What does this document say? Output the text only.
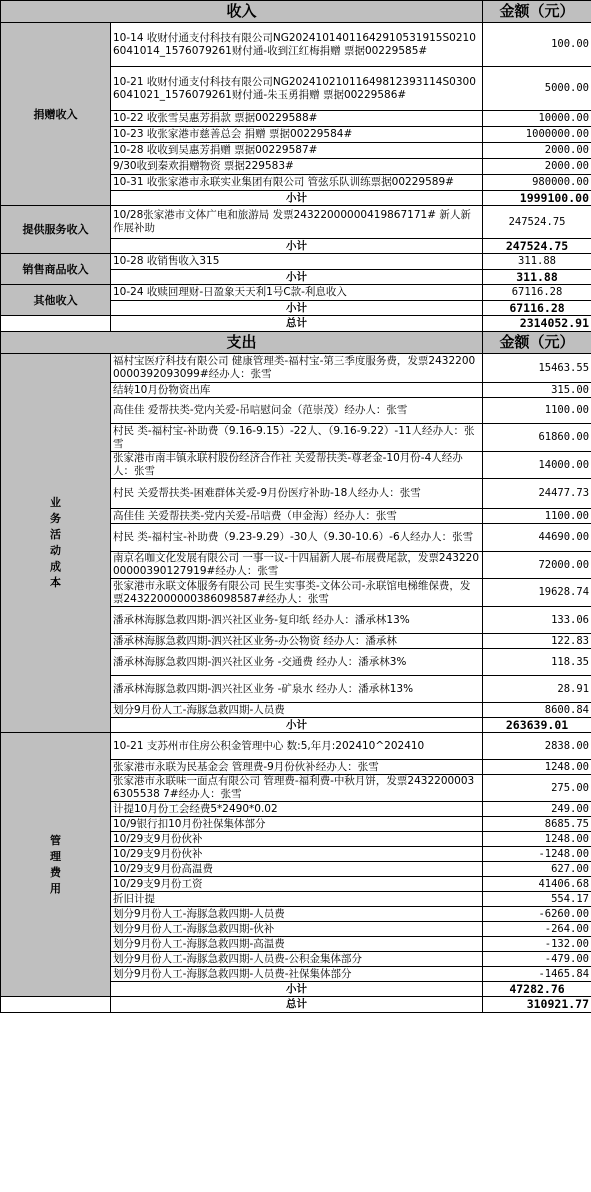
收入		金额（元）
捐赠收入	10-14 收财付通支付科技有限公司NG20241014011642910531915S02106041014_1576079261财付通-收到江红梅捐赠 票据00229585#	100.00
	10-21 收财付通支付科技有限公司NG20241021011649812393114S03006041021_1576079261财付通-朱玉勇捐赠 票据00229586#	5000.00
	10-22 收张雪吴惠芳捐款 票据00229588#	10000.00
	10-23 收张家港市慈善总会 捐赠 票据00229584#	1000000.00
	10-28 收收到吴惠芳捐赠 票据00229587#	2000.00
	9/30收到秦欢捐赠物资 票据229583#	2000.00
	10-31 收张家港市永联实业集团有限公司 管弦乐队训练票据00229589#	980000.00
	小计	1999100.00
提供服务收入	10/28张家港市文体广电和旅游局 发票24322000000419867171# 新人新作展补助	247524.75
	小计	247524.75
销售商品收入	10-28 收销售收入315	311.88
	小计	311.88
其他收入	10-24 收赎回理财-日盈象天天利1号C款-利息收入	67116.28
	小计	67116.28
	总计	2314052.91
支出		金额（元）

业务活动成本	福村宝医疗科技有限公司 健康管理类-福村宝-第三季度服务费，发票24322000000392093099#经办人：张雪	15463.55
	结转10月份物资出库	315.00
	高佳佳 爱帮扶类-党内关爱-吊唁慰问金（范崇茂）经办人：张雪	1100.00
	村民 类-福村宝-补助费（9.16-9.15）-22人、（9.16-9.22）-11人经办人：张雪	61860.00
	张家港市南丰镇永联村股份经济合作社 关爱帮扶类-尊老金-10月份-4人经办人：张雪	14000.00
	村民 关爱帮扶类-困难群体关爱-9月份医疗补助-18人经办人：张雪	24477.73
	高佳佳 关爱帮扶类-党内关爱-吊唁费（申金海）经办人：张雪	1100.00
	村民 类-福村宝-补助费（9.23-9.29）-30人（9.30-10.6）-6人经办人：张雪	44690.00
	南京名咖文化发展有限公司 一事一议-十四届新人展-布展费尾款，发票24322000000390127919#经办人：张雪	72000.00
	张家港市永联文体服务有限公司 民生实事类-文体公司-永联馆电梯维保费，发票24322000000386098587#经办人：张雪	19628.74
	潘承林海豚急救四期-泗兴社区业务-复印纸 经办人：潘承林13%	133.06
	潘承林海豚急救四期-泗兴社区业务-办公物资 经办人：潘承林	122.83
	潘承林海豚急救四期-泗兴社区业务 -交通费 经办人：潘承林3%	118.35
	潘承林海豚急救四期-泗兴社区业务 -矿泉水 经办人：潘承林13%	28.91
	划分9月份人工-海豚急救四期-人员费	8600.84
	小计	263639.01

管理费用	10-21 支苏州市住房公积金管理中心 数:5,年月:202410^202410	2838.00
	张家港市永联为民基金会 管理费-9月份伙补经办人：张雪	1248.00
	张家港市永联味一面点有限公司 管理费-福利费-中秋月饼，发票24322000036305538 7#经办人：张雪	275.00
	计提10月份工会经费5*2490*0.02	249.00
	10/9银行扣10月份社保集体部分	8685.75
	10/29支9月份伙补	1248.00
	10/29支9月份伙补	-1248.00
	10/29支9月份高温费	627.00
	10/29支9月份工资	41406.68
	折旧计提	554.17
	划分9月份人工-海豚急救四期-人员费	-6260.00
	划分9月份人工-海豚急救四期-伙补	-264.00
	划分9月份人工-海豚急救四期-高温费	-132.00
	划分9月份人工-海豚急救四期-人员费-公积金集体部分	-479.00
	划分9月份人工-海豚急救四期-人员费-社保集体部分	-1465.84
	小计	47282.76
	总计	310921.77
